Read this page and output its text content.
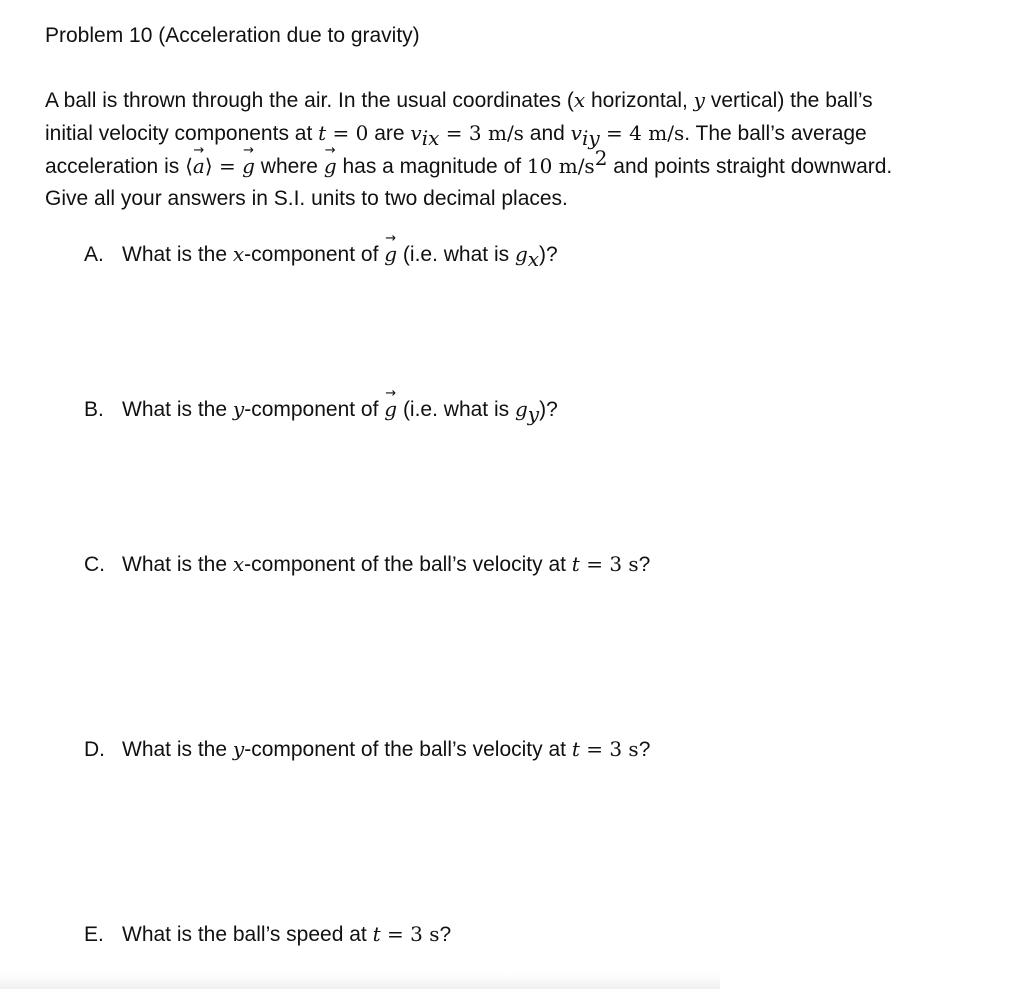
Problem 10 (Acceleration due to gravity)
A ball is thrown through the air. In the usual coordinates (x horizontal, y vertical) the ball’s
initial velocity components at t = 0 are $v_{ix} = 3$ m/s and $v_{iy} = 4$ m/s. The ball’s average
acceleration is ⟨a →⟩ = g → where g → has a magnitude of 10 $m/s^2$ and points straight downward.
Give all your answers in S.I. units to two decimal places.
A. What is the x-component of g → (i.e. what is $g_x$)?
B. What is the y-component of g → (i.e. what is $g_y$)?
C. What is the x-component of the ball’s velocity at t = 3 s?
D. What is the y-component of the ball’s velocity at t = 3 s?
E. What is the ball’s speed at t = 3 s?
